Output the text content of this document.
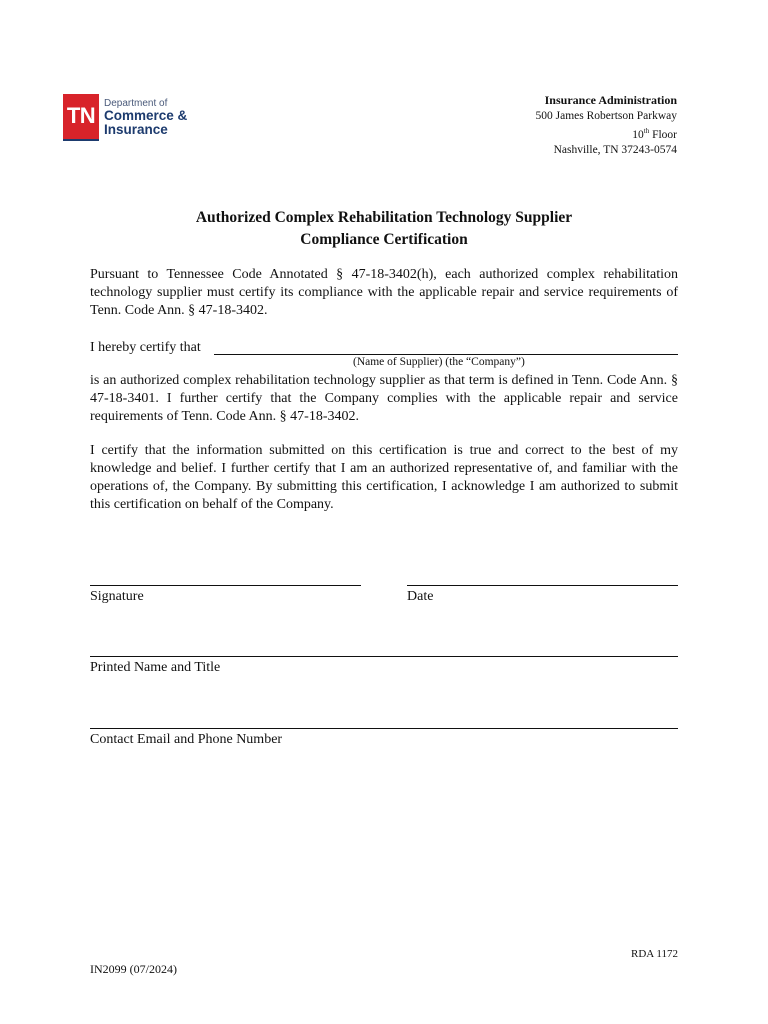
TN Department of
Commerce &
Insurance
Insurance Administration
500 James Robertson Parkway
10th Floor
Nashville, TN 37243-0574
Authorized Complex Rehabilitation Technology Supplier
Compliance Certification
Pursuant to Tennessee Code Annotated § 47-18-3402(h), each authorized complex rehabilitation technology supplier must certify its compliance with the applicable repair and service requirements of Tenn. Code Ann. § 47-18-3402.
I hereby certify that
(Name of Supplier) (the “Company”)
is an authorized complex rehabilitation technology supplier as that term is defined in Tenn. Code Ann. § 47-18-3401. I further certify that the Company complies with the applicable repair and service requirements of Tenn. Code Ann. § 47-18-3402.
I certify that the information submitted on this certification is true and correct to the best of my knowledge and belief. I further certify that I am an authorized representative of, and familiar with the operations of, the Company. By submitting this certification, I acknowledge I am authorized to submit this certification on behalf of the Company.
Signature	Date
Printed Name and Title
Contact Email and Phone Number
RDA 1172
IN2099 (07/2024)
